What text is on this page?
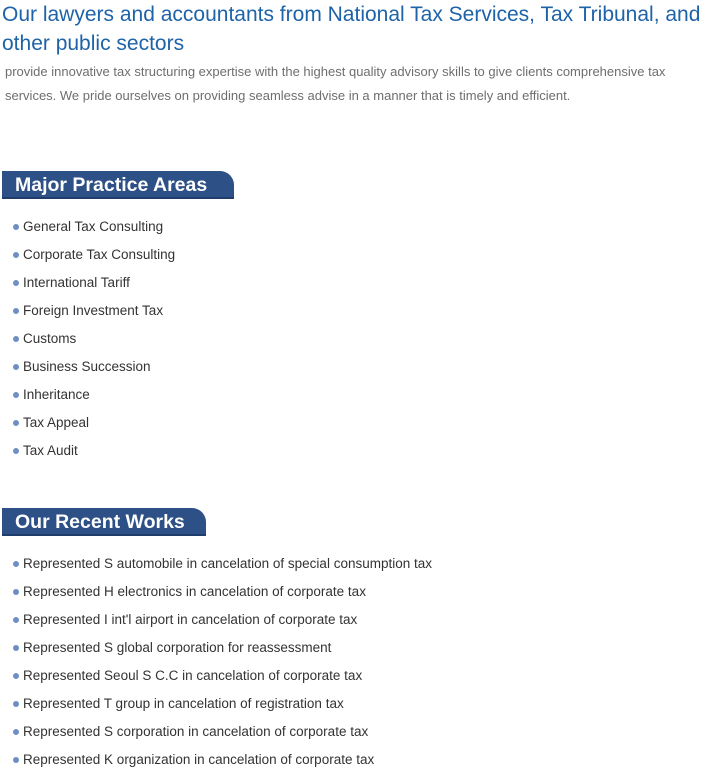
Our lawyers and accountants from National Tax Services, Tax Tribunal, and other public sectors

provide innovative tax structuring expertise with the highest quality advisory skills to give clients comprehensive tax services. We pride ourselves on providing seamless advise in a manner that is timely and efficient.

Major Practice Areas
General Tax Consulting
Corporate Tax Consulting
International Tariff
Foreign Investment Tax
Customs
Business Succession
Inheritance
Tax Appeal
Tax Audit
Our Recent Works
Represented S automobile in cancelation of special consumption tax
Represented H electronics in cancelation of corporate tax
Represented I int'l airport in cancelation of corporate tax
Represented S global corporation for reassessment
Represented Seoul S C.C in cancelation of corporate tax
Represented T group in cancelation of registration tax
Represented S corporation in cancelation of corporate tax
Represented K organization in cancelation of corporate tax
